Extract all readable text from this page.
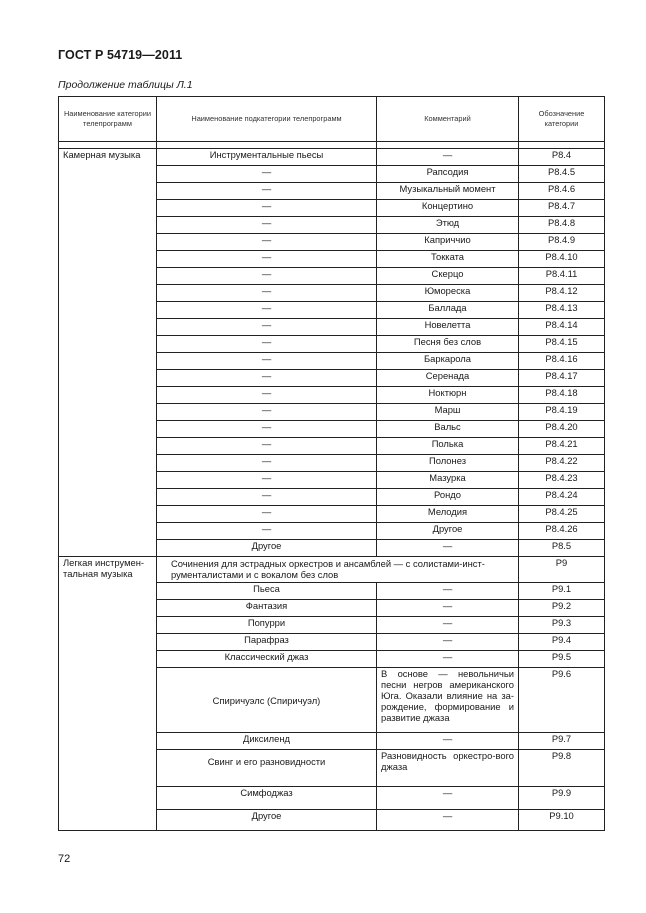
ГОСТ Р 54719—2011
Продолжение таблицы Л.1
Наименование категории телепрограмм	Наименование подкатегории телепрограмм	Комментарий	Обозначение категории

Камерная музыка	Инструментальные пьесы	—	P8.4
	—	Рапсодия	P8.4.5
	—	Музыкальный момент	P8.4.6
	—	Концертино	P8.4.7
	—	Этюд	P8.4.8
	—	Каприччио	P8.4.9
	—	Токката	P8.4.10
	—	Скерцо	P8.4.11
	—	Юмореска	P8.4.12
	—	Баллада	P8.4.13
	—	Новелетта	P8.4.14
	—	Песня без слов	P8.4.15
	—	Баркарола	P8.4.16
	—	Серенада	P8.4.17
	—	Ноктюрн	P8.4.18
	—	Марш	P8.4.19
	—	Вальс	P8.4.20
	—	Полька	P8.4.21
	—	Полонез	P8.4.22
	—	Мазурка	P8.4.23
	—	Рондо	P8.4.24
	—	Мелодия	P8.4.25
	—	Другое	P8.4.26
	Другое	—	P8.5
Легкая инструмен-тальная музыка	Сочинения для эстрадных оркестров и ансамблей — с солистами-инст-рументалистами и с вокалом без слов		P9
	Пьеса	—	P9.1
	Фантазия	—	P9.2
	Попурри	—	P9.3
	Парафраз	—	P9.4
	Классический джаз	—	P9.5
	Спиричуэлс (Спиричуэл)	В основе — невольничьи песни негров американского Юга. Оказали влияние на за-рождение, формирование и развитие джаза	P9.6
	Диксиленд	—	P9.7
	Свинг и его разновидности	Разновидность оркестро-вого джаза	P9.8
	Симфоджаз	—	P9.9
	Другое	—	P9.10
72
